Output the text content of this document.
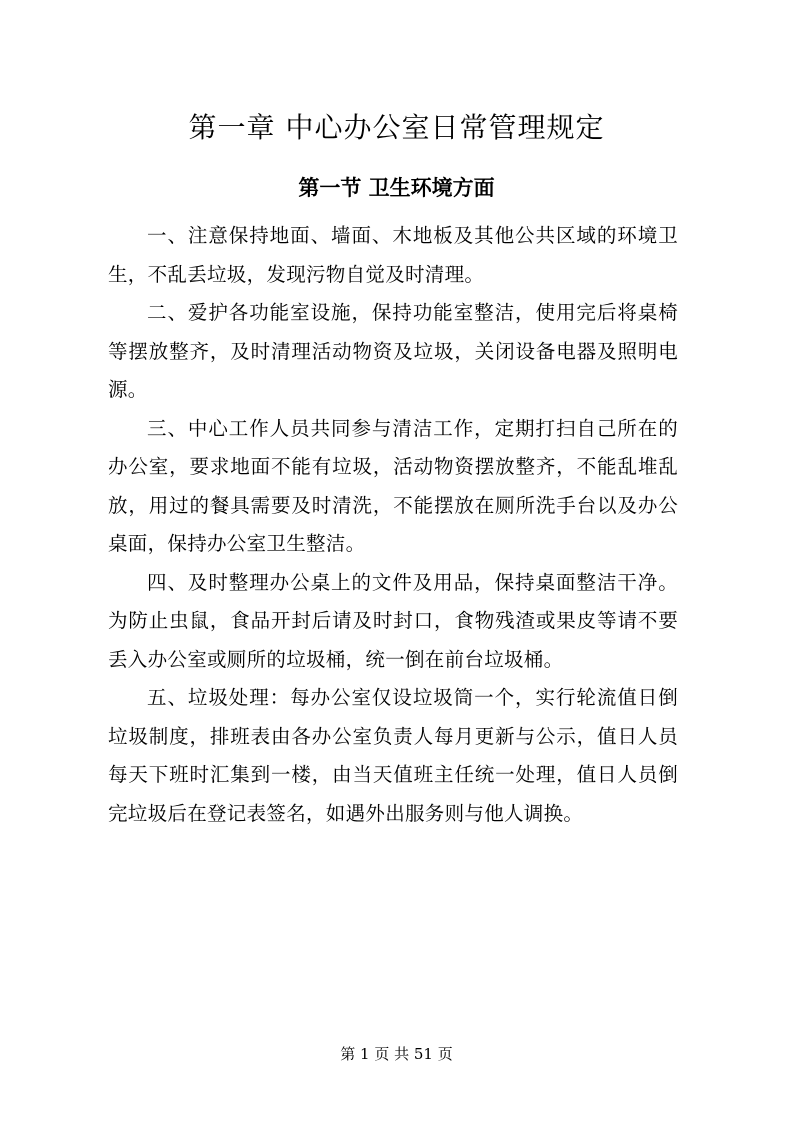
第一章 中心办公室日常管理规定
第一节 卫生环境方面

一、注意保持地面、墙面、木地板及其他公共区域的环境卫生，不乱丢垃圾，发现污物自觉及时清理。

二、爱护各功能室设施，保持功能室整洁，使用完后将桌椅等摆放整齐，及时清理活动物资及垃圾，关闭设备电器及照明电源。

三、中心工作人员共同参与清洁工作，定期打扫自己所在的办公室，要求地面不能有垃圾，活动物资摆放整齐，不能乱堆乱放，用过的餐具需要及时清洗，不能摆放在厕所洗手台以及办公桌面，保持办公室卫生整洁。

四、及时整理办公桌上的文件及用品，保持桌面整洁干净。为防止虫鼠，食品开封后请及时封口，食物残渣或果皮等请不要丢入办公室或厕所的垃圾桶，统一倒在前台垃圾桶。

五、垃圾处理：每办公室仅设垃圾筒一个，实行轮流值日倒垃圾制度，排班表由各办公室负责人每月更新与公示，值日人员每天下班时汇集到一楼，由当天值班主任统一处理，值日人员倒完垃圾后在登记表签名，如遇外出服务则与他人调换。

第 1 页 共 51 页
